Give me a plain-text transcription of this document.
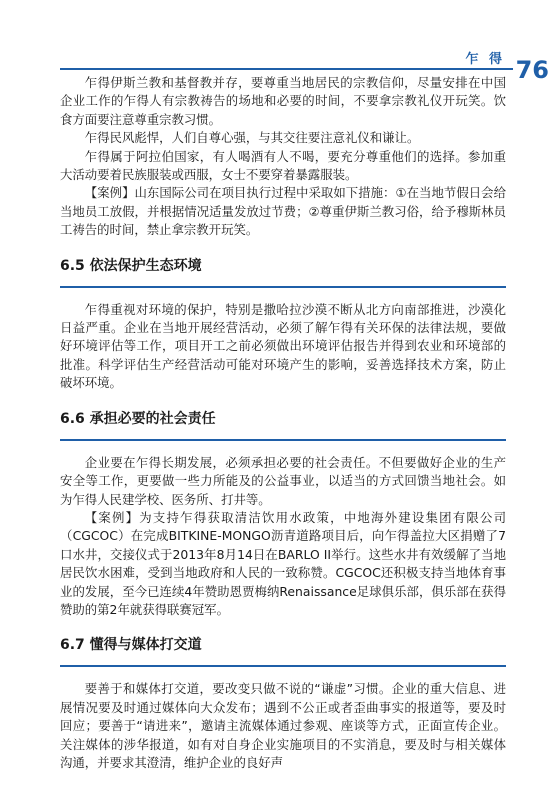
乍 得 76

乍得伊斯兰教和基督教并存，要尊重当地居民的宗教信仰，尽量安排在中国企业工作的乍得人有宗教祷告的场地和必要的时间，不要拿宗教礼仪开玩笑。饮食方面要注意尊重宗教习惯。

乍得民风彪悍，人们自尊心强，与其交往要注意礼仪和谦让。

乍得属于阿拉伯国家，有人喝酒有人不喝，要充分尊重他们的选择。参加重大活动要着民族服装或西服，女士不要穿着暴露服装。

【案例】山东国际公司在项目执行过程中采取如下措施：①在当地节假日会给当地员工放假，并根据情况适量发放过节费；②尊重伊斯兰教习俗，给予穆斯林员工祷告的时间，禁止拿宗教开玩笑。

6.5 依法保护生态环境

乍得重视对环境的保护，特别是撒哈拉沙漠不断从北方向南部推进，沙漠化日益严重。企业在当地开展经营活动，必须了解乍得有关环保的法律法规，要做好环境评估等工作，项目开工之前必须做出环境评估报告并得到农业和环境部的批准。科学评估生产经营活动可能对环境产生的影响，妥善选择技术方案，防止破坏环境。

6.6 承担必要的社会责任

企业要在乍得长期发展，必须承担必要的社会责任。不但要做好企业的生产安全等工作，更要做一些力所能及的公益事业，以适当的方式回馈当地社会。如为乍得人民建学校、医务所、打井等。

【案例】为支持乍得获取清洁饮用水政策，中地海外建设集团有限公司（CGCOC）在完成BITKINE-MONGO沥青道路项目后，向乍得盖拉大区捐赠了7口水井，交接仪式于2013年8月14日在BARLO II举行。这些水井有效缓解了当地居民饮水困难，受到当地政府和人民的一致称赞。CGCOC还积极支持当地体育事业的发展，至今已连续4年赞助恩贾梅纳Renaissance足球俱乐部，俱乐部在获得赞助的第2年就获得联赛冠军。

6.7 懂得与媒体打交道

要善于和媒体打交道，要改变只做不说的“谦虚”习惯。企业的重大信息、进展情况要及时通过媒体向大众发布；遇到不公正或者歪曲事实的报道等，要及时回应；要善于“请进来”，邀请主流媒体通过参观、座谈等方式，正面宣传企业。关注媒体的涉华报道，如有对自身企业实施项目的不实消息，要及时与相关媒体沟通，并要求其澄清，维护企业的良好声
